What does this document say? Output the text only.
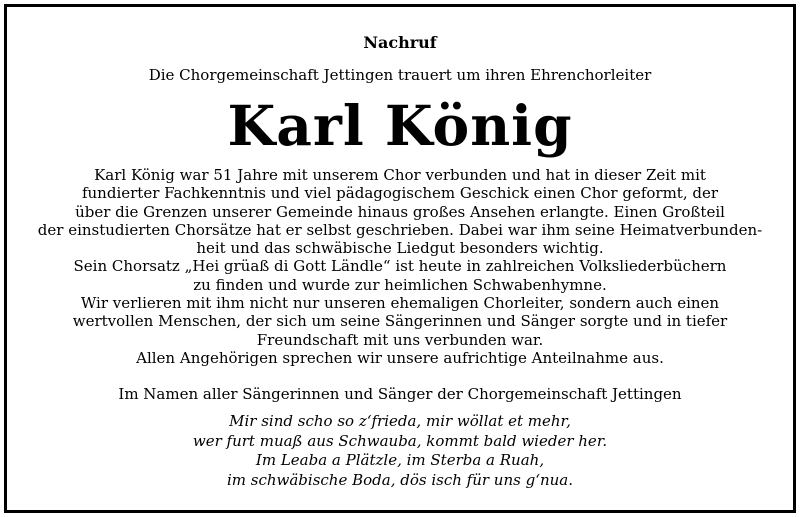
Nachruf
Die Chorgemeinschaft Jettingen trauert um ihren Ehrenchorleiter
Karl König
Karl König war 51 Jahre mit unserem Chor verbunden und hat in dieser Zeit mit
fundierter Fachkenntnis und viel pädagogischem Geschick einen Chor geformt, der
über die Grenzen unserer Gemeinde hinaus großes Ansehen erlangte. Einen Großteil
der einstudierten Chorsätze hat er selbst geschrieben. Dabei war ihm seine Heimatverbunden-
heit und das schwäbische Liedgut besonders wichtig.
Sein Chorsatz „Hei grüaß di Gott Ländle“ ist heute in zahlreichen Volksliederbüchern
zu finden und wurde zur heimlichen Schwabenhymne.
Wir verlieren mit ihm nicht nur unseren ehemaligen Chorleiter, sondern auch einen
wertvollen Menschen, der sich um seine Sängerinnen und Sänger sorgte und in tiefer
Freundschaft mit uns verbunden war.
Allen Angehörigen sprechen wir unsere aufrichtige Anteilnahme aus.
Im Namen aller Sängerinnen und Sänger der Chorgemeinschaft Jettingen
Mir sind scho so z‘frieda, mir wöllat et mehr,
wer furt muaß aus Schwauba, kommt bald wieder her.
Im Leaba a Plätzle, im Sterba a Ruah,
im schwäbische Boda, dös isch für uns g‘nua.
